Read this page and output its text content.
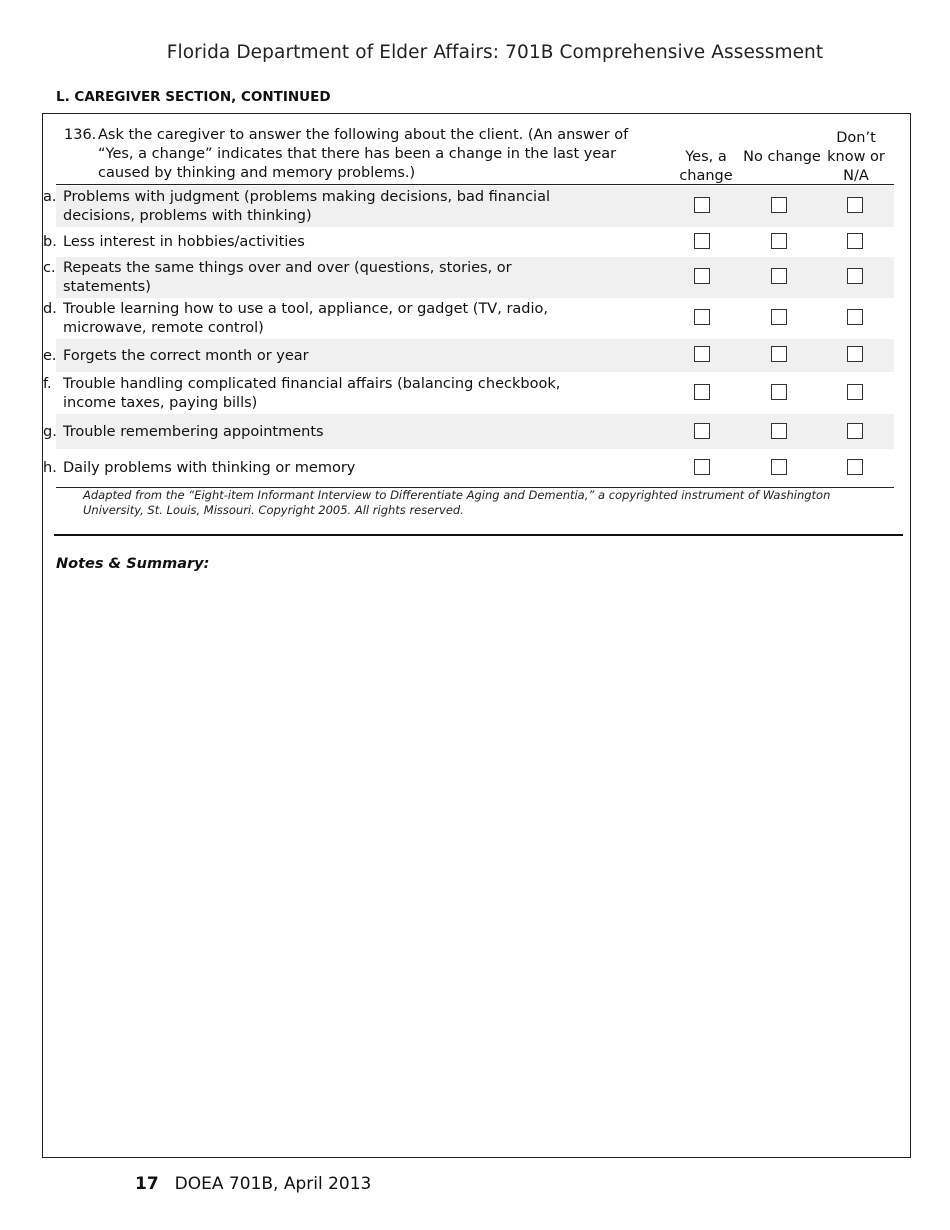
Florida Department of Elder Affairs: 701B Comprehensive Assessment
L. CAREGIVER SECTION, CONTINUED
136. Ask the caregiver to answer the following about the client. (An answer of “Yes, a change” indicates that there has been a change in the last year caused by thinking and memory problems.)
Yes, a change
No change
Don’t know or N/A
a. Problems with judgment (problems making decisions, bad financial decisions, problems with thinking)
b. Less interest in hobbies/activities
c. Repeats the same things over and over (questions, stories, or statements)
d. Trouble learning how to use a tool, appliance, or gadget (TV, radio, microwave, remote control)
e. Forgets the correct month or year
f. Trouble handling complicated financial affairs (balancing checkbook, income taxes, paying bills)
g. Trouble remembering appointments
h. Daily problems with thinking or memory
Adapted from the “Eight-item Informant Interview to Differentiate Aging and Dementia,” a copyrighted instrument of Washington University, St. Louis, Missouri. Copyright 2005. All rights reserved.
Notes & Summary:
17 DOEA 701B, April 2013
